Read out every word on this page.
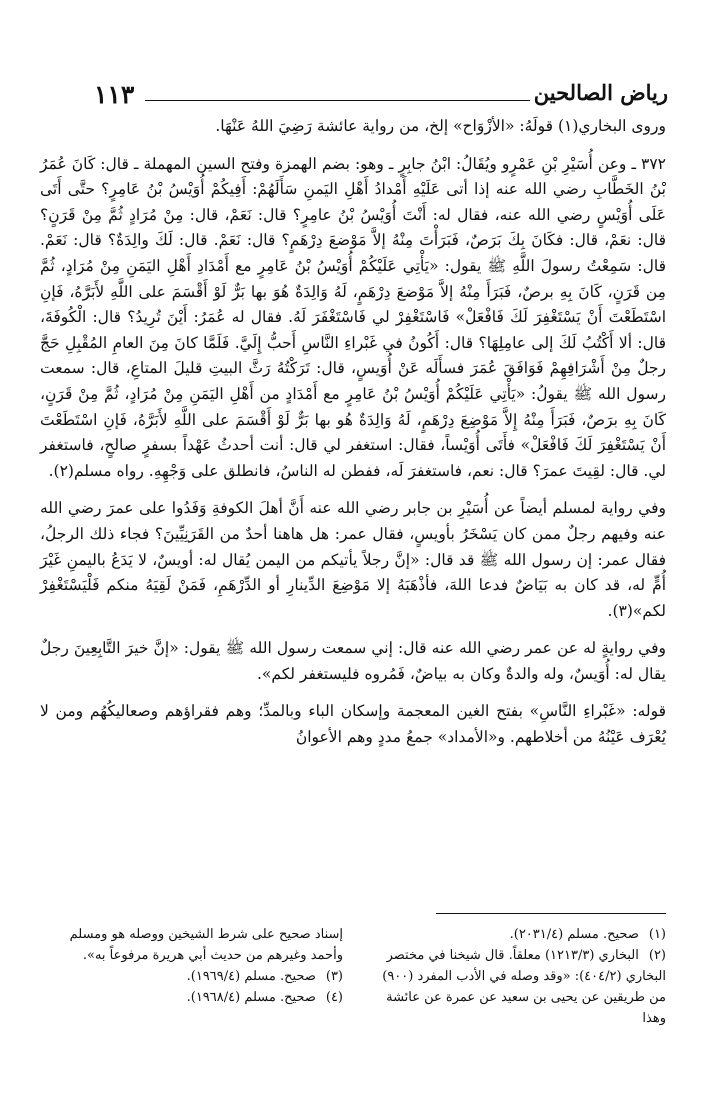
١١٣	رياض الصالحين

وروى البخاري(١) قولَهُ: «الأزْوَاح» إلخ، من رواية عائشة رَضِيَ اللهُ عَنْهَا.

٣٧٢ ـ وعن أُسَيْرِ بْنِ عَمْرٍو ويُقَالُ: ابْنُ جابِرٍ ـ وهو: بضم الهمزة وفتح السين المهملة ـ قال: كَانَ عُمَرُ بْنُ الخَطَّابِ رضي الله عنه إذا أتى عَلَيْهِ أَمْدادُ أَهْلِ اليَمنِ سَأَلَهُمْ: أَفِيكُمْ أُوَيْسُ بْنُ عَامِرٍ؟ حتَّى أَتَى عَلَى أُوَيْسٍ رضي الله عنه، فقال له: أَنْتَ أُوَيْسُ بْنُ عامِرٍ؟ قال: نَعَمْ، قال: مِنْ مُرَادٍ ثُمَّ مِنْ قَرَنٍ؟ قال: نعَمْ، قال: فكَانَ بِكَ بَرَصٌ، فَبَرَأْتَ مِنْهُ إلاَّ مَوْضعَ دِرْهَمٍ؟ قال: نَعَمْ. قال: لَكَ والِدَةٌ؟ قال: نَعَمْ. قال: سَمِعْتُ رسولَ اللَّهِ ﷺ يقول: «يَأْتِي عَلَيْكُمْ أُوَيْسُ بْنُ عَامِرٍ مع أَمْدَادِ أَهْلِ اليَمَنِ مِنْ مُرَادٍ، ثُمَّ مِن قَرَنٍ، كَانَ بِهِ برصٌ، فَبَرَأَ مِنْهُ إلاَّ مَوْضعَ دِرْهَمٍ، لَهُ وَالِدَةٌ هُوَ بها بَرٌّ لَوْ أَقْسَمَ على اللَّهِ لأَبَرَّهُ، فَإنِ اسْتَطَعْتَ أَنْ يَسْتَغْفِرَ لَكَ فَافْعَلْ» فَاسْتَغْفِرْ لي فَاسْتَغْفَرَ لَهُ. فقال له عُمَرُ: أَيْنَ تُرِيدُ؟ قال: الْكُوفَةَ، قال: ألا أَكْتُبُ لَكَ إلى عامِلِهَا؟ قال: أَكُونُ في غَبْراءِ النَّاسِ أَحبُّ إِلَيَّ. فَلَمَّا كانَ مِنَ العامِ المُقْبِلِ حَجَّ رجلٌ مِنْ أَشْرَافِهِمْ فَوَافَقَ عُمَرَ فسأَلَه عَنْ أُوَيسٍ، قال: تَرَكْتُهُ رَثَّ البيتِ قليلَ المتاعِ، قال: سمعت رسول الله ﷺ يقولُ: «يَأْتِي عَلَيْكُمْ أُوَيْسُ بْنُ عَامِرٍ مع أَمْدَادٍ من أَهْلِ اليَمَنِ مِنْ مُرَادٍ، ثُمَّ مِنْ قَرَنٍ، كَانَ بِهِ برَصٌ، فَبَرَأَ مِنْهُ إِلاَّ مَوْضِعَ دِرْهَمٍ، لَهُ وَالِدَةٌ هُو بها بَرٌّ لَوْ أَقْسَمَ على اللَّهِ لأَبَرَّهُ، فَإنِ اسْتَطَعْتَ أَنْ يَسْتَغْفِرَ لَكَ فَافْعَلْ» فأَتَى أُوَيْساً، فقال: استغفر لي قال: أنت أحدثُ عَهْداً بسفرٍ صالحٍ، فاستغفر لي. قال: لقِيتَ عمرَ؟ قال: نعم، فاستغفرَ لَه، ففطن له الناسُ، فانطلق على وَجْهِهِ. رواه مسلم(٢).

وفي رواية لمسلم أيضاً عن أُسَيْرِ بن جابر رضي الله عنه أَنَّ أهلَ الكوفةِ وَفَدُوا على عمرَ رضي الله عنه وفيهم رجلٌ ممن كان يَسْخَرُ بأويسٍ، فقال عمر: هل هاهنا أحدٌ من القَرَنِيِّينَ؟ فجاء ذلك الرجلُ، فقال عمر: إن رسول الله ﷺ قد قال: «إنَّ رجلاً يأتيكم من اليمن يُقال له: أويسٌ، لا يَدَعُ باليمنِ غَيْرَ أُمٍّ له، قد كان به بَيَاضٌ فدعا اللهَ، فأذْهَبَهُ إلا مَوْضِعَ الدِّينارِ أو الدِّرْهَمِ، فَمَنْ لَقِيَهُ منكم فَلْيَسْتَغْفِرْ لكم»(٣).

وفي روايةٍ له عن عمر رضي الله عنه قال: إني سمعت رسول الله ﷺ يقول: «إنَّ خيرَ التَّابِعِينَ رجلٌ يقال له: أُوَيسٌ، وله والدةٌ وكان به بياضٌ، فَمُروه فليستغفر لكم».

قوله: «غَبْراءِ النَّاسِ» بفتح الغين المعجمة وإسكان الباء وبالمدِّ؛ وهم فقراؤهم وصعاليكُهُم ومن لا يُعْرَف عَيْنُهُ من أخلاطهم. و«الأمداد» جمعُ مددٍ وهم الأعوانُ

(١)صحيح. مسلم (٢٠٣١/٤).

(٢)البخاري (١٢١٣/٣) معلقاً. قال شيخنا في مختصر البخاري (٤٠٤/٢): «وقد وصله في الأدب المفرد (٩٠٠) من طريقين عن يحيى بن سعيد عن عمرة عن عائشة وهذا

إسناد صحيح على شرط الشيخين ووصله هو ومسلم وأحمد وغيرهم من حديث أبي هريرة مرفوعاً به».

(٣)صحيح. مسلم (١٩٦٩/٤).

(٤)صحيح. مسلم (١٩٦٨/٤).
